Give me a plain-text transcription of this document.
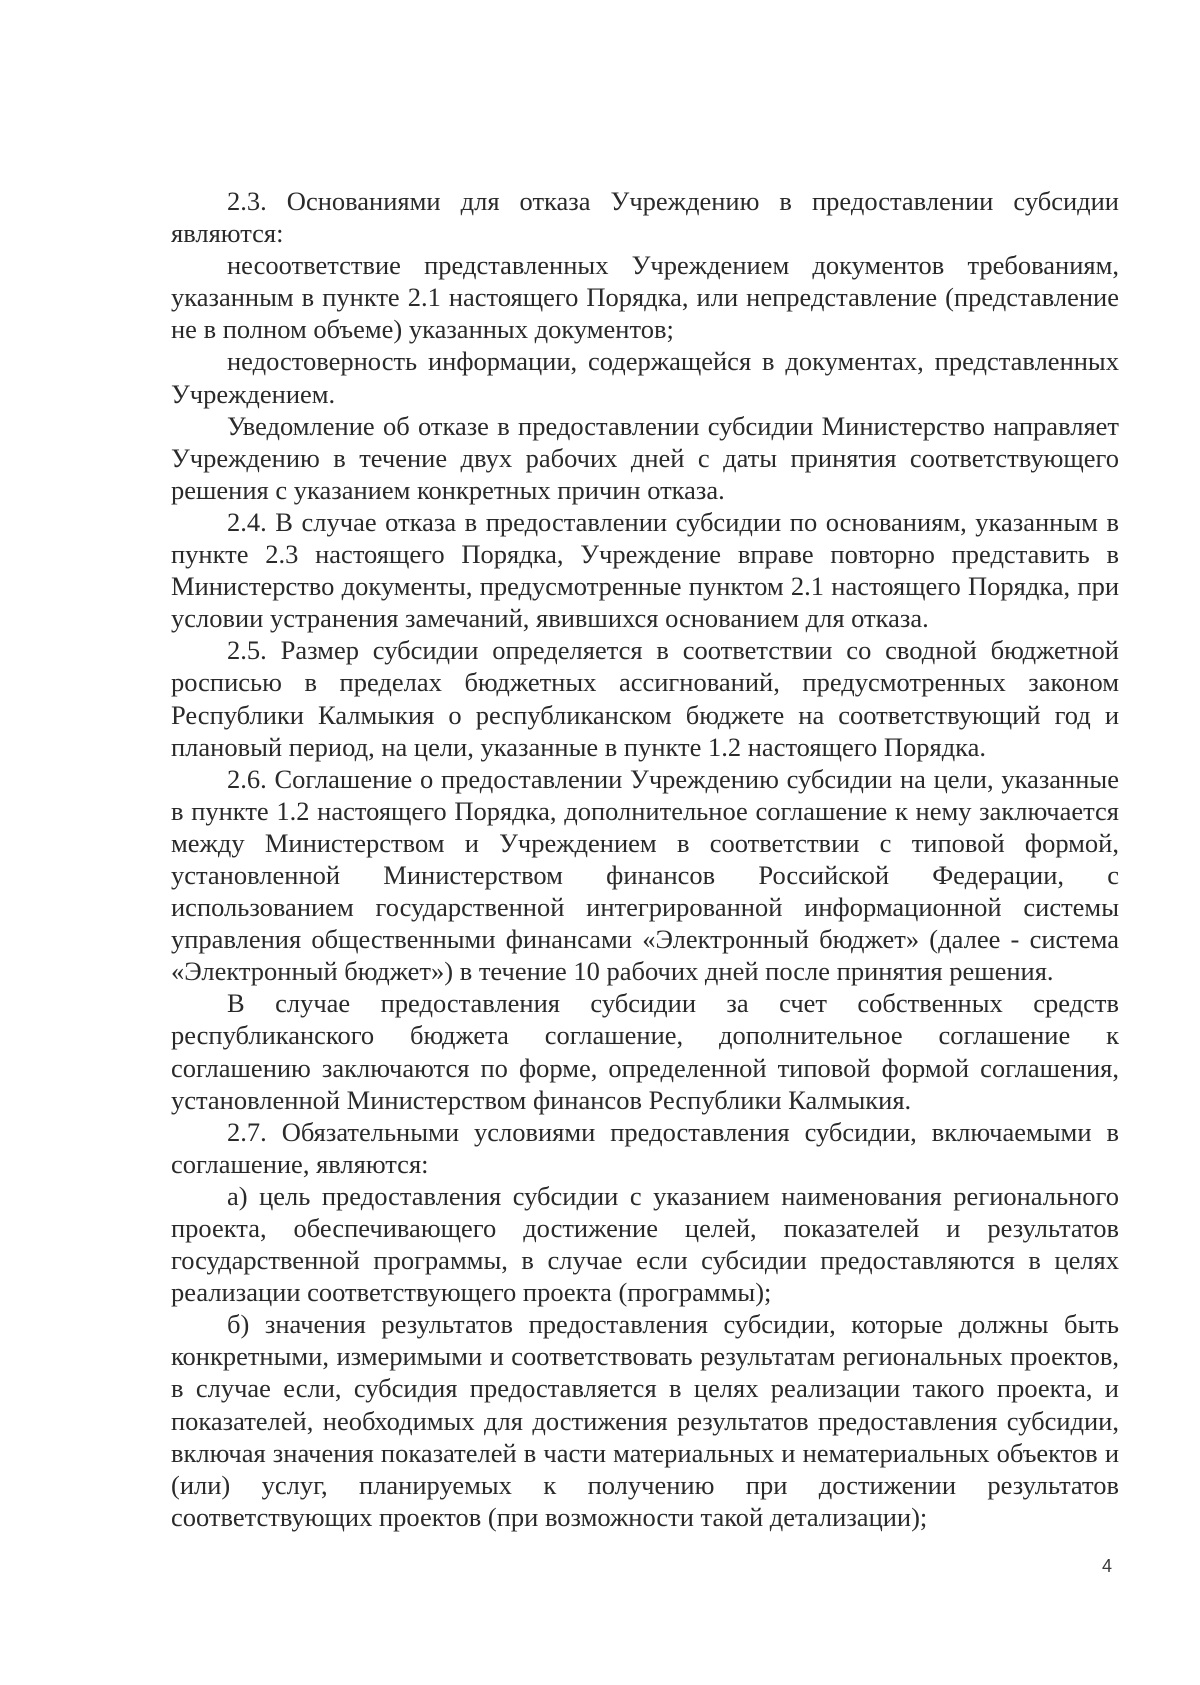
2.3. Основаниями для отказа Учреждению в предоставлении субсидии являются:

несоответствие представленных Учреждением документов требованиям, указанным в пункте 2.1 настоящего Порядка, или непредставление (представление не в полном объеме) указанных документов;

недостоверность информации, содержащейся в документах, представленных Учреждением.

Уведомление об отказе в предоставлении субсидии Министерство направляет Учреждению в течение двух рабочих дней с даты принятия соответствующего решения с указанием конкретных причин отказа.

2.4. В случае отказа в предоставлении субсидии по основаниям, указанным в пункте 2.3 настоящего Порядка, Учреждение вправе повторно представить в Министерство документы, предусмотренные пунктом 2.1 настоящего Порядка, при условии устранения замечаний, явившихся основанием для отказа.

2.5. Размер субсидии определяется в соответствии со сводной бюджетной росписью в пределах бюджетных ассигнований, предусмотренных законом Республики Калмыкия о республиканском бюджете на соответствующий год и плановый период, на цели, указанные в пункте 1.2 настоящего Порядка.

2.6. Соглашение о предоставлении Учреждению субсидии на цели, указанные в пункте 1.2 настоящего Порядка, дополнительное соглашение к нему заключается между Министерством и Учреждением в соответствии с типовой формой, установленной Министерством финансов Российской Федерации, с использованием государственной интегрированной информационной системы управления общественными финансами «Электронный бюджет» (далее - система «Электронный бюджет») в течение 10 рабочих дней после принятия решения.

В случае предоставления субсидии за счет собственных средств республиканского бюджета соглашение, дополнительное соглашение к соглашению заключаются по форме, определенной типовой формой соглашения, установленной Министерством финансов Республики Калмыкия.

2.7. Обязательными условиями предоставления субсидии, включаемыми в соглашение, являются:

а) цель предоставления субсидии с указанием наименования регионального проекта, обеспечивающего достижение целей, показателей и результатов государственной программы, в случае если субсидии предоставляются в целях реализации соответствующего проекта (программы);

б) значения результатов предоставления субсидии, которые должны быть конкретными, измеримыми и соответствовать результатам региональных проектов, в случае если, субсидия предоставляется в целях реализации такого проекта, и показателей, необходимых для достижения результатов предоставления субсидии, включая значения показателей в части материальных и нематериальных объектов и (или) услуг, планируемых к получению при достижении результатов соответствующих проектов (при возможности такой детализации);

4
